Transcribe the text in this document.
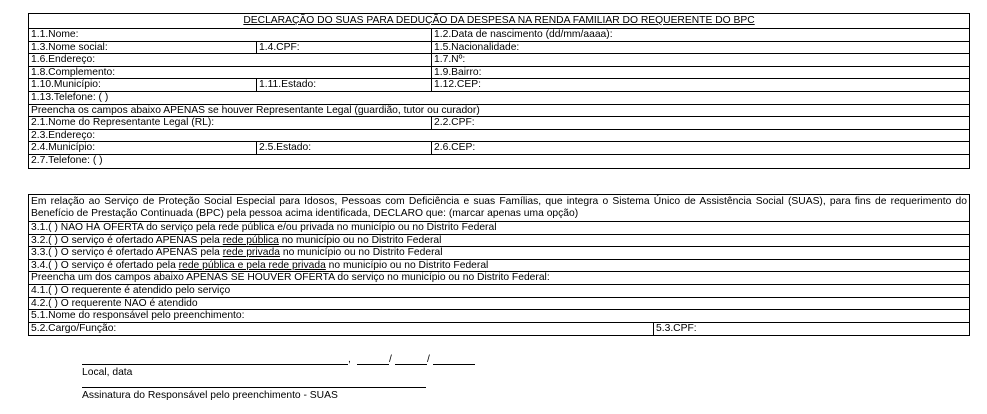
DECLARAÇÃO DO SUAS PARA DEDUÇÃO DA DESPESA NA RENDA FAMILIAR DO REQUERENTE DO BPC
1.1.Nome:	1.2.Data de nascimento (dd/mm/aaaa):
1.3.Nome social:	1.4.CPF:	1.5.Nacionalidade:
1.6.Endereço:	1.7.Nº:
1.8.Complemento:	1.9.Bairro:
1.10.Município:	1.11.Estado:	1.12.CEP:
1.13.Telefone: ( )
Preencha os campos abaixo APENAS se houver Representante Legal (guardião, tutor ou curador)
2.1.Nome do Representante Legal (RL):	2.2.CPF:
2.3.Endereço:
2.4.Município:	2.5.Estado:	2.6.CEP:
2.7.Telefone: ( )
Em relação ao Serviço de Proteção Social Especial para Idosos, Pessoas com Deficiência e suas Famílias, que integra o Sistema Único de Assistência Social (SUAS), para fins de requerimento do Benefício de Prestação Continuada (BPC) pela pessoa acima identificada, DECLARO que: (marcar apenas uma opção)
3.1.( ) NÃO HÁ OFERTA do serviço pela rede pública e/ou privada no município ou no Distrito Federal
3.2.( ) O serviço é ofertado APENAS pela rede pública no município ou no Distrito Federal
3.3.( ) O serviço é ofertado APENAS pela rede privada no município ou no Distrito Federal
3.4.( ) O serviço é ofertado pela rede pública e pela rede privada no município ou no Distrito Federal
Preencha um dos campos abaixo APENAS SE HOUVER OFERTA do serviço no município ou no Distrito Federal:
4.1.( ) O requerente é atendido pelo serviço
4.2.( ) O requerente NÃO é atendido
5.1.Nome do responsável pelo preenchimento:
5.2.Cargo/Função:	5.3.CPF:
,	/	/
Local, data
Assinatura do Responsável pelo preenchimento - SUAS
